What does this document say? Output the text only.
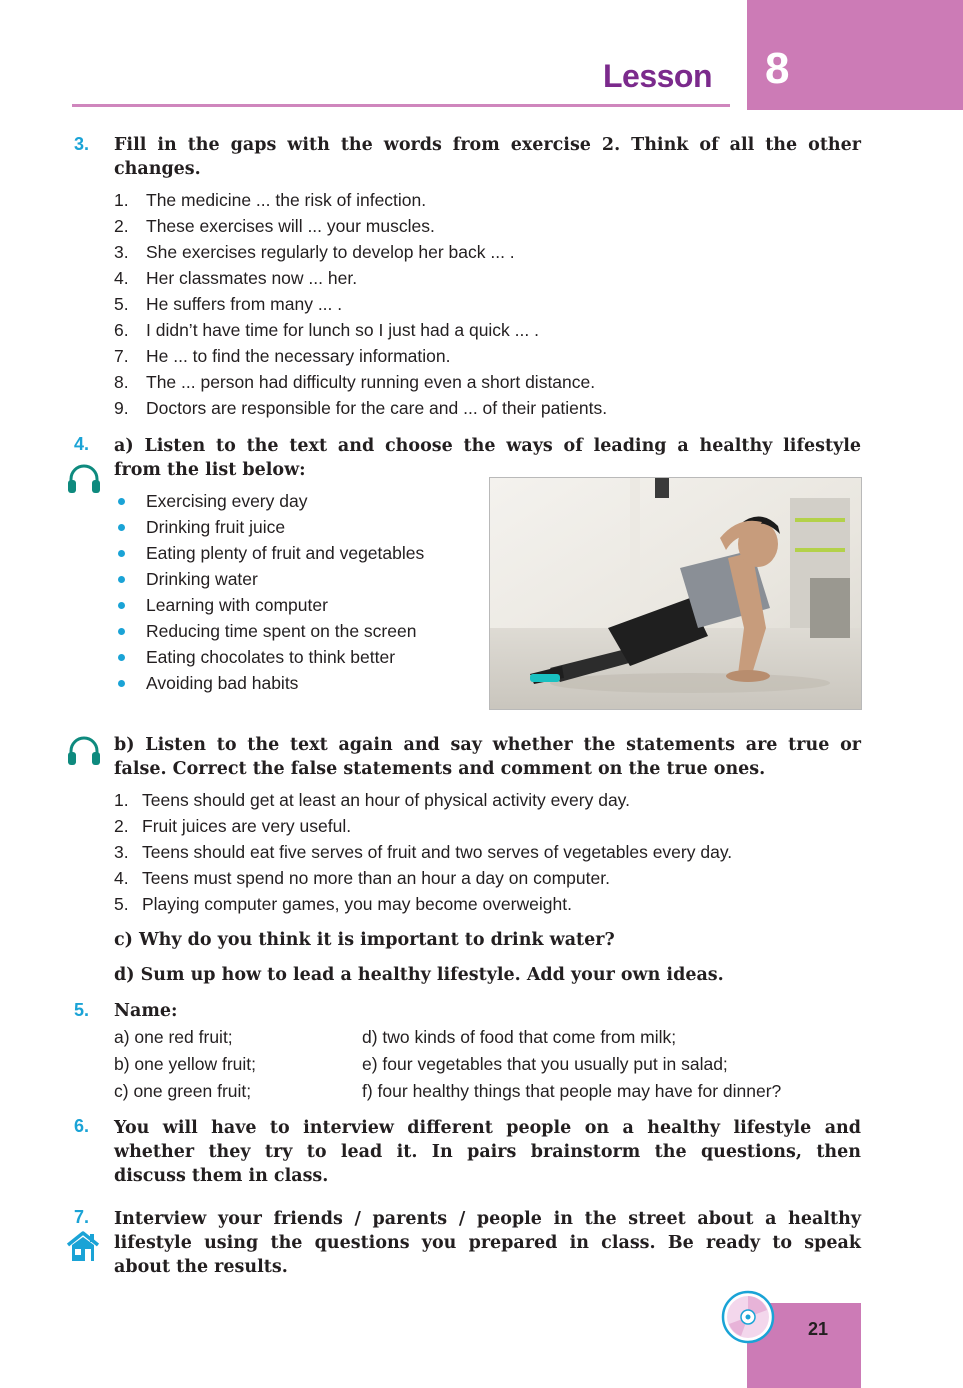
Lesson 8
3. Fill in the gaps with the words from exercise 2. Think of all the other
changes.
1. The medicine ... the risk of infection.
2. These exercises will ... your muscles.
3. She exercises regularly to develop her back ... .
4. Her classmates now ... her.
5. He suffers from many ... .
6. I didn’t have time for lunch so I just had a quick ... .
7. He ... to find the necessary information.
8. The ... person had difficulty running even a short distance.
9. Doctors are responsible for the care and ... of their patients.
4. a) Listen to the text and choose the ways of leading a healthy lifestyle
from the list below:
Exercising every day
Drinking fruit juice
Eating plenty of fruit and vegetables
Drinking water
Learning with computer
Reducing time spent on the screen
Eating chocolates to think better
Avoiding bad habits
b) Listen to the text again and say whether the statements are true or
false. Correct the false statements and comment on the true ones.
1. Teens should get at least an hour of physical activity every day.
2. Fruit juices are very useful.
3. Teens should eat five serves of fruit and two serves of vegetables every day.
4. Teens must spend no more than an hour a day on computer.
5. Playing computer games, you may become overweight.
c) Why do you think it is important to drink water?
d) Sum up how to lead a healthy lifestyle. Add your own ideas.
5. Name:
a) one red fruit;	d) two kinds of food that come from milk;
b) one yellow fruit;	e) four vegetables that you usually put in salad;
c) one green fruit;	f) four healthy things that people may have for dinner?
6. You will have to interview different people on a healthy lifestyle and
whether they try to lead it. In pairs brainstorm the questions, then
discuss them in class.
7. Interview your friends / parents / people in the street about a healthy
lifestyle using the questions you prepared in class. Be ready to speak
about the results.
21
